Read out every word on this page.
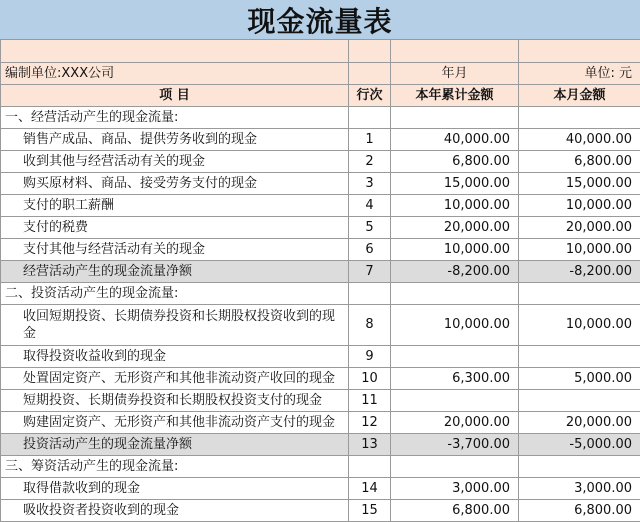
现金流量表

编制单位:XXX公司		年月	单位: 元
项 目	行次	本年累计金额	本月金额
一、经营活动产生的现金流量:			
销售产成品、商品、提供劳务收到的现金	1	40,000.00	40,000.00
收到其他与经营活动有关的现金	2	6,800.00	6,800.00
购买原材料、商品、接受劳务支付的现金	3	15,000.00	15,000.00
支付的职工薪酬	4	10,000.00	10,000.00
支付的税费	5	20,000.00	20,000.00
支付其他与经营活动有关的现金	6	10,000.00	10,000.00
经营活动产生的现金流量净额	7	-8,200.00	-8,200.00
二、投资活动产生的现金流量:			
收回短期投资、长期债券投资和长期股权投资收到的现金	8	10,000.00	10,000.00
取得投资收益收到的现金	9		
处置固定资产、无形资产和其他非流动资产收回的现金	10	6,300.00	5,000.00
短期投资、长期债券投资和长期股权投资支付的现金	11		
购建固定资产、无形资产和其他非流动资产支付的现金	12	20,000.00	20,000.00
投资活动产生的现金流量净额	13	-3,700.00	-5,000.00
三、筹资活动产生的现金流量:			
取得借款收到的现金	14	3,000.00	3,000.00
吸收投资者投资收到的现金	15	6,800.00	6,800.00
